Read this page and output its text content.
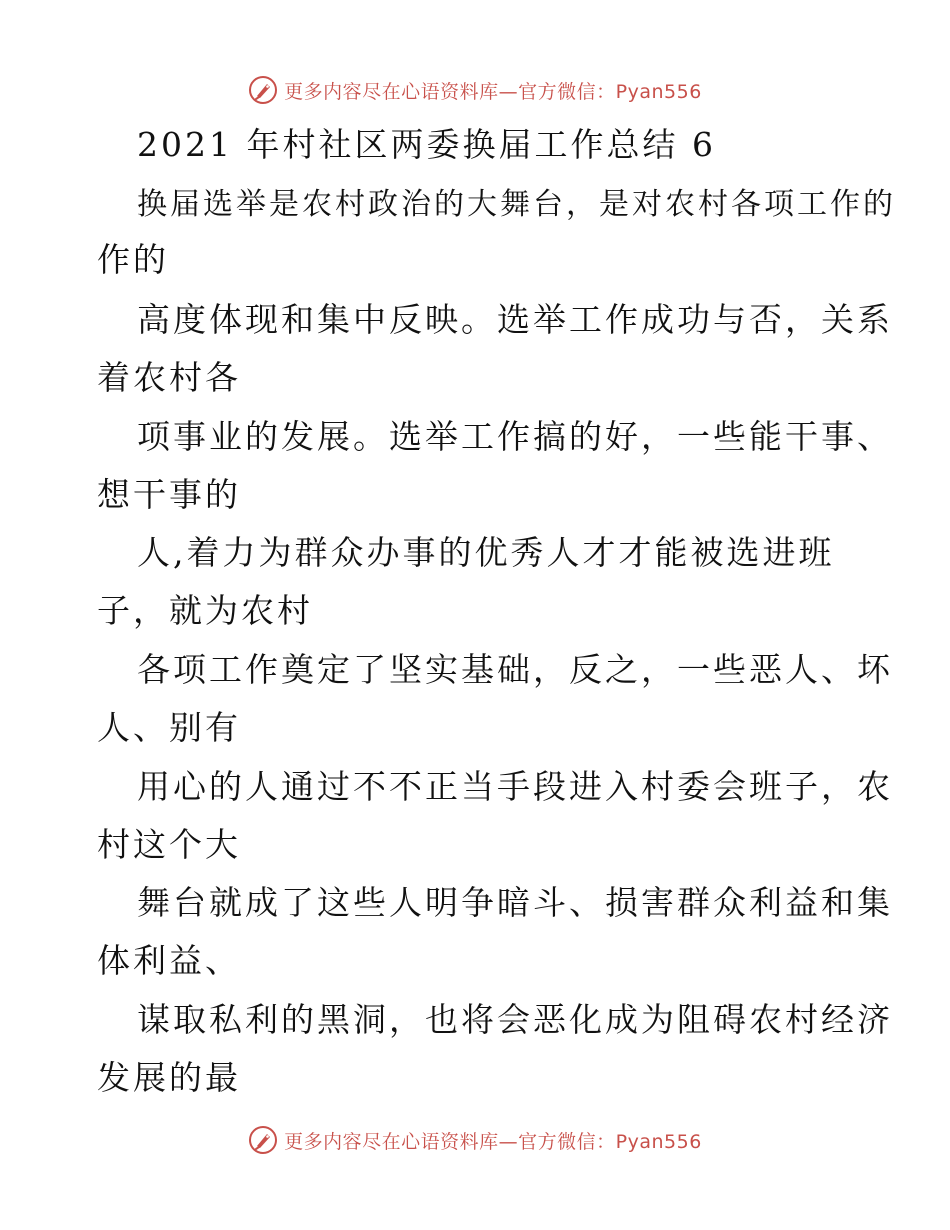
更多内容尽在心语资料库—官方微信：Pyan556
2021 年村社区两委换届工作总结 6
换届选举是农村政治的大舞台，是对农村各项工作的
作的
高度体现和集中反映。选举工作成功与否，关系
着农村各
项事业的发展。选举工作搞的好，一些能干事、
想干事的
人,着力为群众办事的优秀人才才能被选进班
子，就为农村
各项工作奠定了坚实基础，反之，一些恶人、坏
人、别有
用心的人通过不不正当手段进入村委会班子，农
村这个大
舞台就成了这些人明争暗斗、损害群众利益和集
体利益、
谋取私利的黑洞，也将会恶化成为阻碍农村经济
发展的最
更多内容尽在心语资料库—官方微信：Pyan556
